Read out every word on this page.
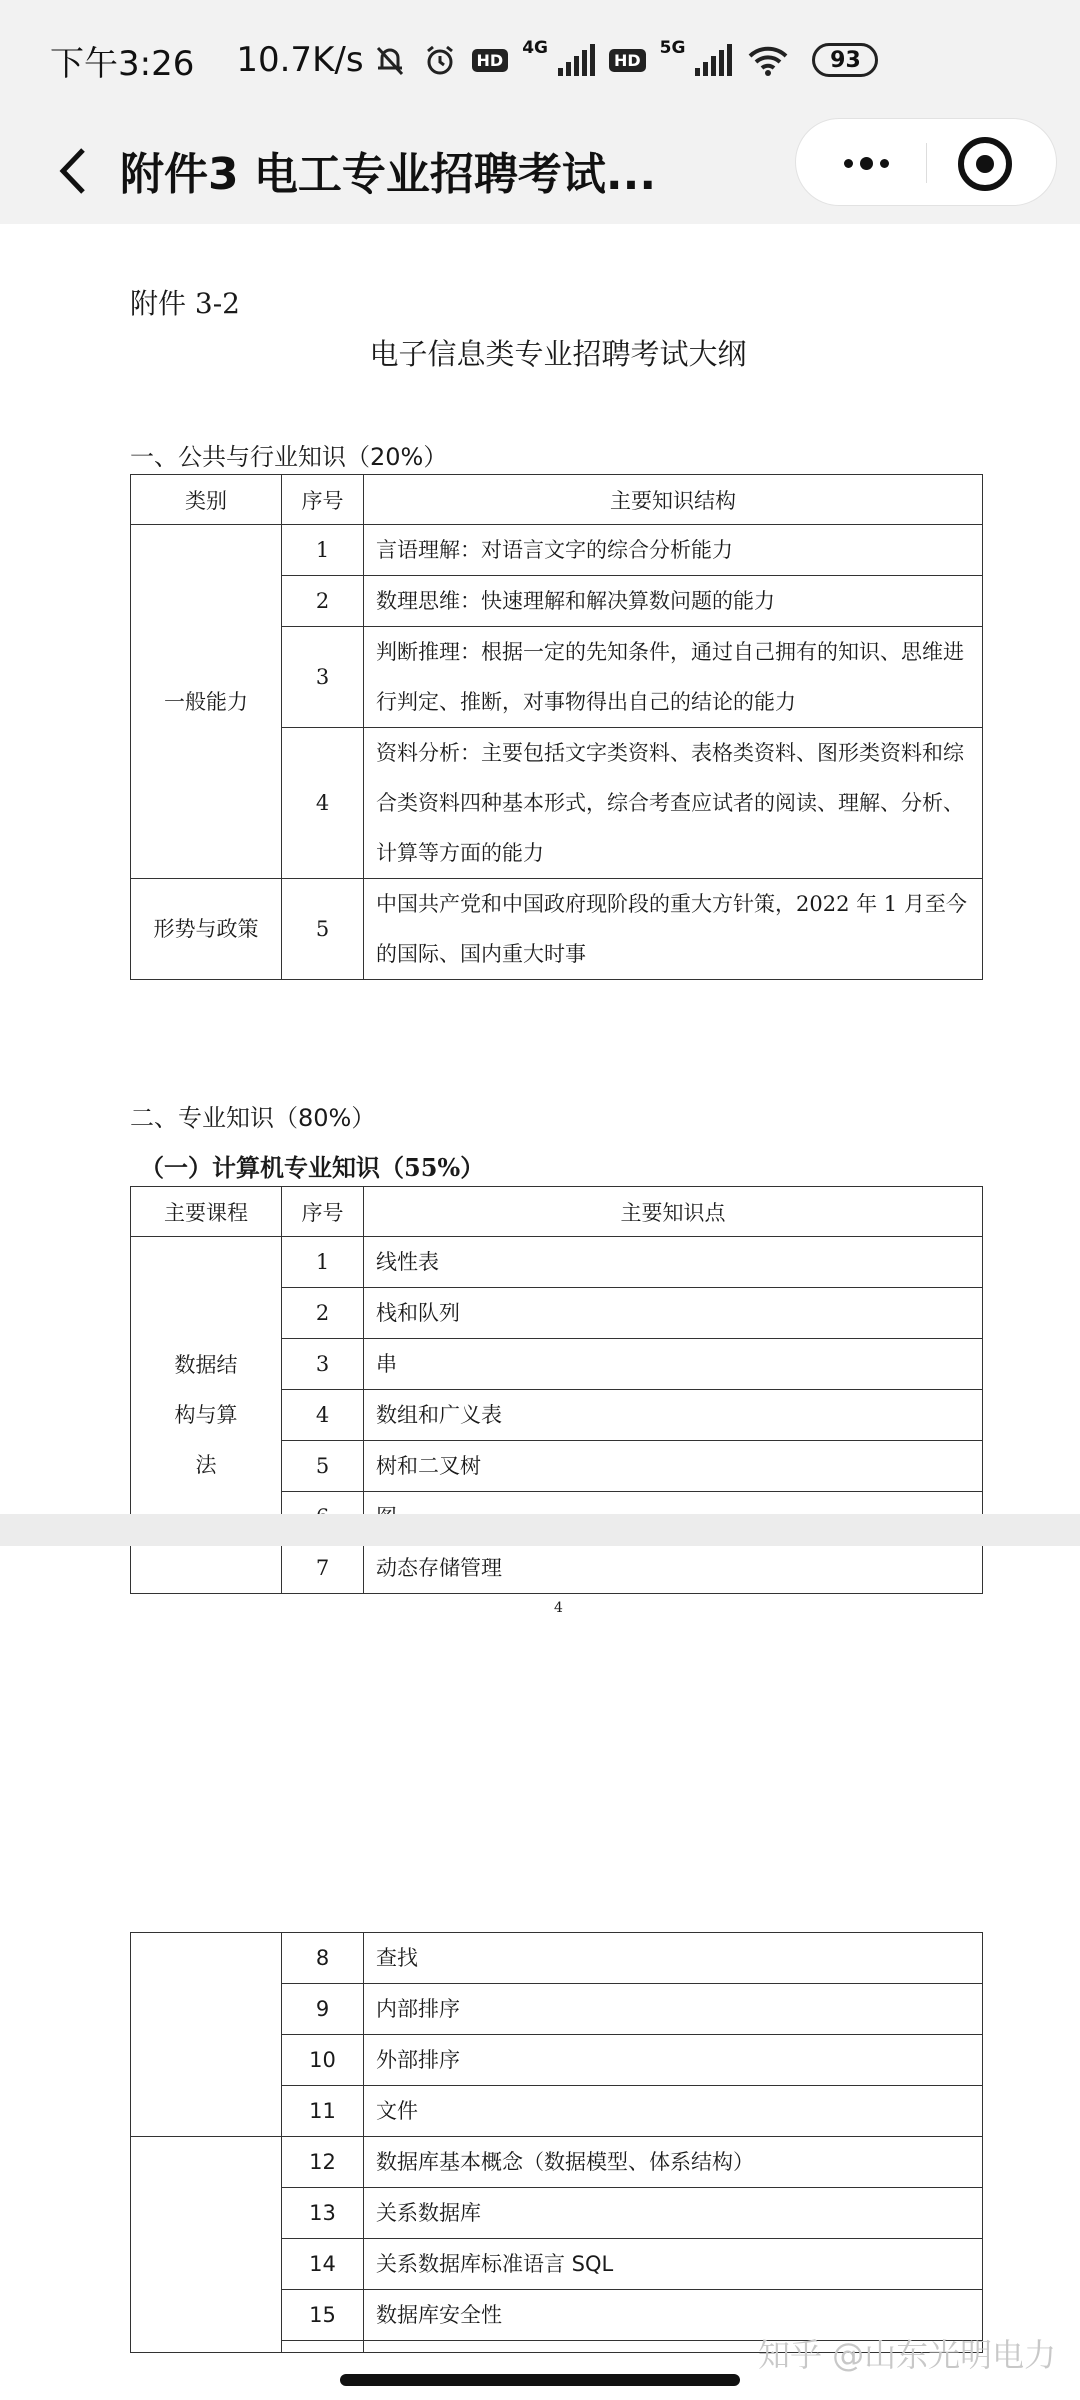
下午3:26 10.7K/s	HD
4G
HD
5G	93
附件3 电工专业招聘考试...
附件 3-2
电子信息类专业招聘考试大纲
一、公共与行业知识（20%）
类别	序号	主要知识结构
一般能力	1	言语理解：对语言文字的综合分析能力
	2	数理思维：快速理解和解决算数问题的能力
	3	判断推理：根据一定的先知条件，通过自己拥有的知识、思维进行判定、推断，对事物得出自己的结论的能力
	4	资料分析：主要包括文字类资料、表格类资料、图形类资料和综合类资料四种基本形式，综合考查应试者的阅读、理解、分析、计算等方面的能力
形势与政策	5	中国共产党和中国政府现阶段的重大方针策，2022 年 1 月至今的国际、国内重大时事
二、专业知识（80%）
（一）计算机专业知识（55%）
主要课程	序号	主要知识点

数据结构与算法	1	线性表
	2	栈和队列
	3	串
	4	数组和广义表
	5	树和二叉树

	7	动态存储管理
4
	8	查找
	9	内部排序
	10	外部排序
	11	文件
	12	数据库基本概念（数据模型、体系结构）
	13	关系数据库
	14	关系数据库标准语言 SQL
	15	数据库安全性

知乎 @山东光明电力
